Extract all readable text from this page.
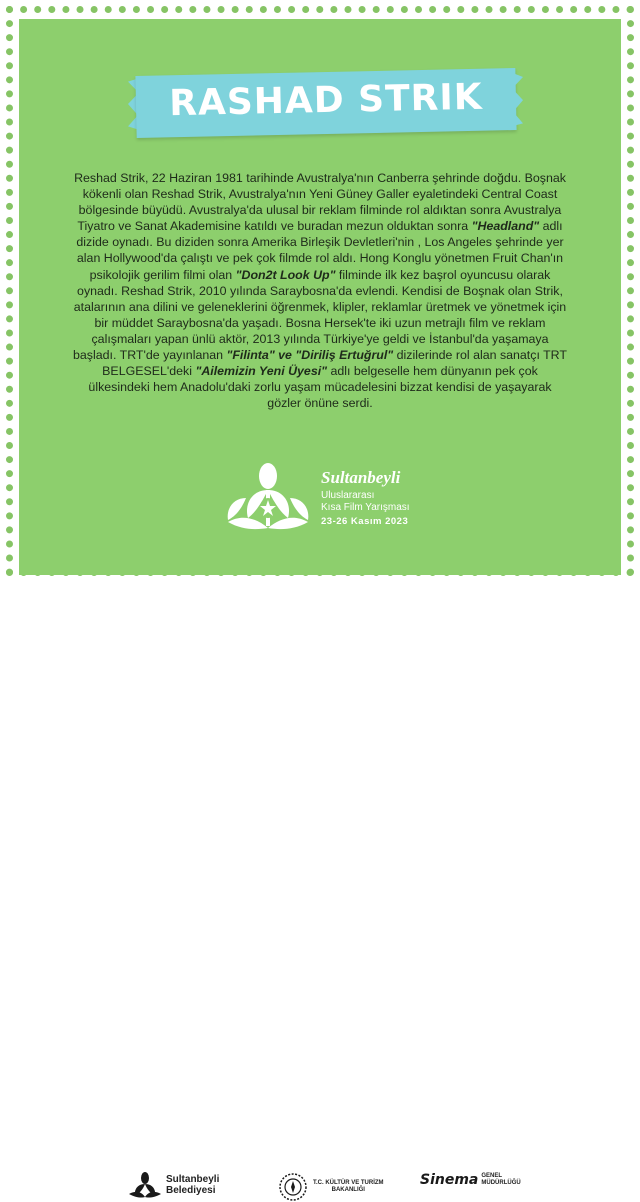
RASHAD STRIK

Reshad Strik, 22 Haziran 1981 tarihinde Avustralya'nın Canberra şehrinde doğdu. Boşnak kökenli olan Reshad Strik, Avustralya'nın Yeni Güney Galler eyaletindeki Central Coast bölgesinde büyüdü. Avustralya'da ulusal bir reklam filminde rol aldıktan sonra Avustralya Tiyatro ve Sanat Akademisine katıldı ve buradan mezun olduktan sonra "Headland" adlı dizide oynadı. Bu diziden sonra Amerika Birleşik Devletleri'nin , Los Angeles şehrinde yer alan Hollywood'da çalıştı ve pek çok filmde rol aldı. Hong Konglu yönetmen Fruit Chan'ın psikolojik gerilim filmi olan "Don2t Look Up" filminde ilk kez başrol oyuncusu olarak oynadı. Reshad Strik, 2010 yılında Saraybosna'da evlendi. Kendisi de Boşnak olan Strik, atalarının ana dilini ve geleneklerini öğrenmek, klipler, reklamlar üretmek ve yönetmek için bir müddet Saraybosna'da yaşadı. Bosna Hersek'te iki uzun metrajlı film ve reklam çalışmaları yapan ünlü aktör, 2013 yılında Türkiye'ye geldi ve İstanbul'da yaşamaya başladı. TRT'de yayınlanan "Filinta" ve "Diriliş Ertuğrul" dizilerinde rol alan sanatçı TRT BELGESEL'deki "Ailemizin Yeni Üyesi" adlı belgeselle hem dünyanın pek çok ülkesindeki hem Anadolu'daki zorlu yaşam mücadelesini bizzat kendisi de yaşayarak gözler önüne serdi.

Sultanbeyli
Uluslararası
Kısa Film Yarışması
23-26 Kasım 2023
Sultanbeyli
Belediyesi
T.C. KÜLTÜR VE TURİZM
BAKANLIĞI
Sinema GENEL
MÜDÜRLÜĞÜ
